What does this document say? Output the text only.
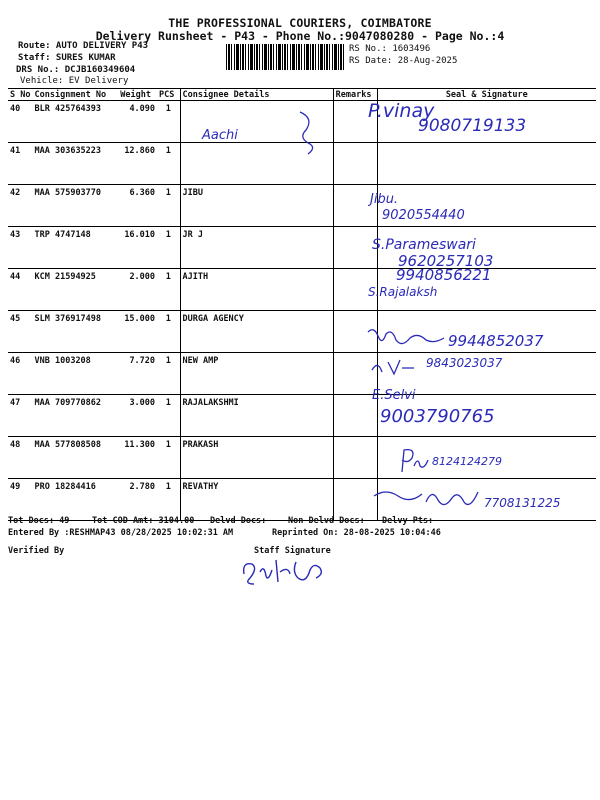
THE PROFESSIONAL COURIERS, COIMBATORE
Delivery Runsheet - P43 - Phone No.:9047080280 - Page No.:4
Route: AUTO DELIVERY P43
Staff: SURES KUMAR
DRS No.: DCJB160349604
Vehicle: EV Delivery
RS No.: 1603496
RS Date: 28-Aug-2025
S No	Consignment No	Weight	PCS	Consignee Details	Remarks	Seal & Signature
40	BLR 425764393	4.090	1			
41	MAA 303635223	12.860	1			
42	MAA 575903770	6.360	1	JIBU		
43	TRP 4747148	16.010	1	JR J		
44	KCM 21594925	2.000	1	AJITH		
45	SLM 376917498	15.000	1	DURGA AGENCY		
46	VNB 1003208	7.720	1	NEW AMP		
47	MAA 709770862	3.000	1	RAJALAKSHMI		
48	MAA 577808508	11.300	1	PRAKASH		
49	PRO 18284416	2.780	1	REVATHY		
P.vinay
9080719133
Aachi
Jibu.
9020554440
S.Parameswari
9620257103
9940856221
S.Rajalaksh
9944852037
9843023037
E.Selvi
9003790765
8124124279
7708131225
Tot Docs: 49	Tot COD Amt: 3104.00 Delvd Docs:	Non Delvd Docs: Delvy Pts:
Entered By :RESHMAP43 08/28/2025 10:02:31 AM	Reprinted On: 28-08-2025 10:04:46
Verified By	Staff Signature
